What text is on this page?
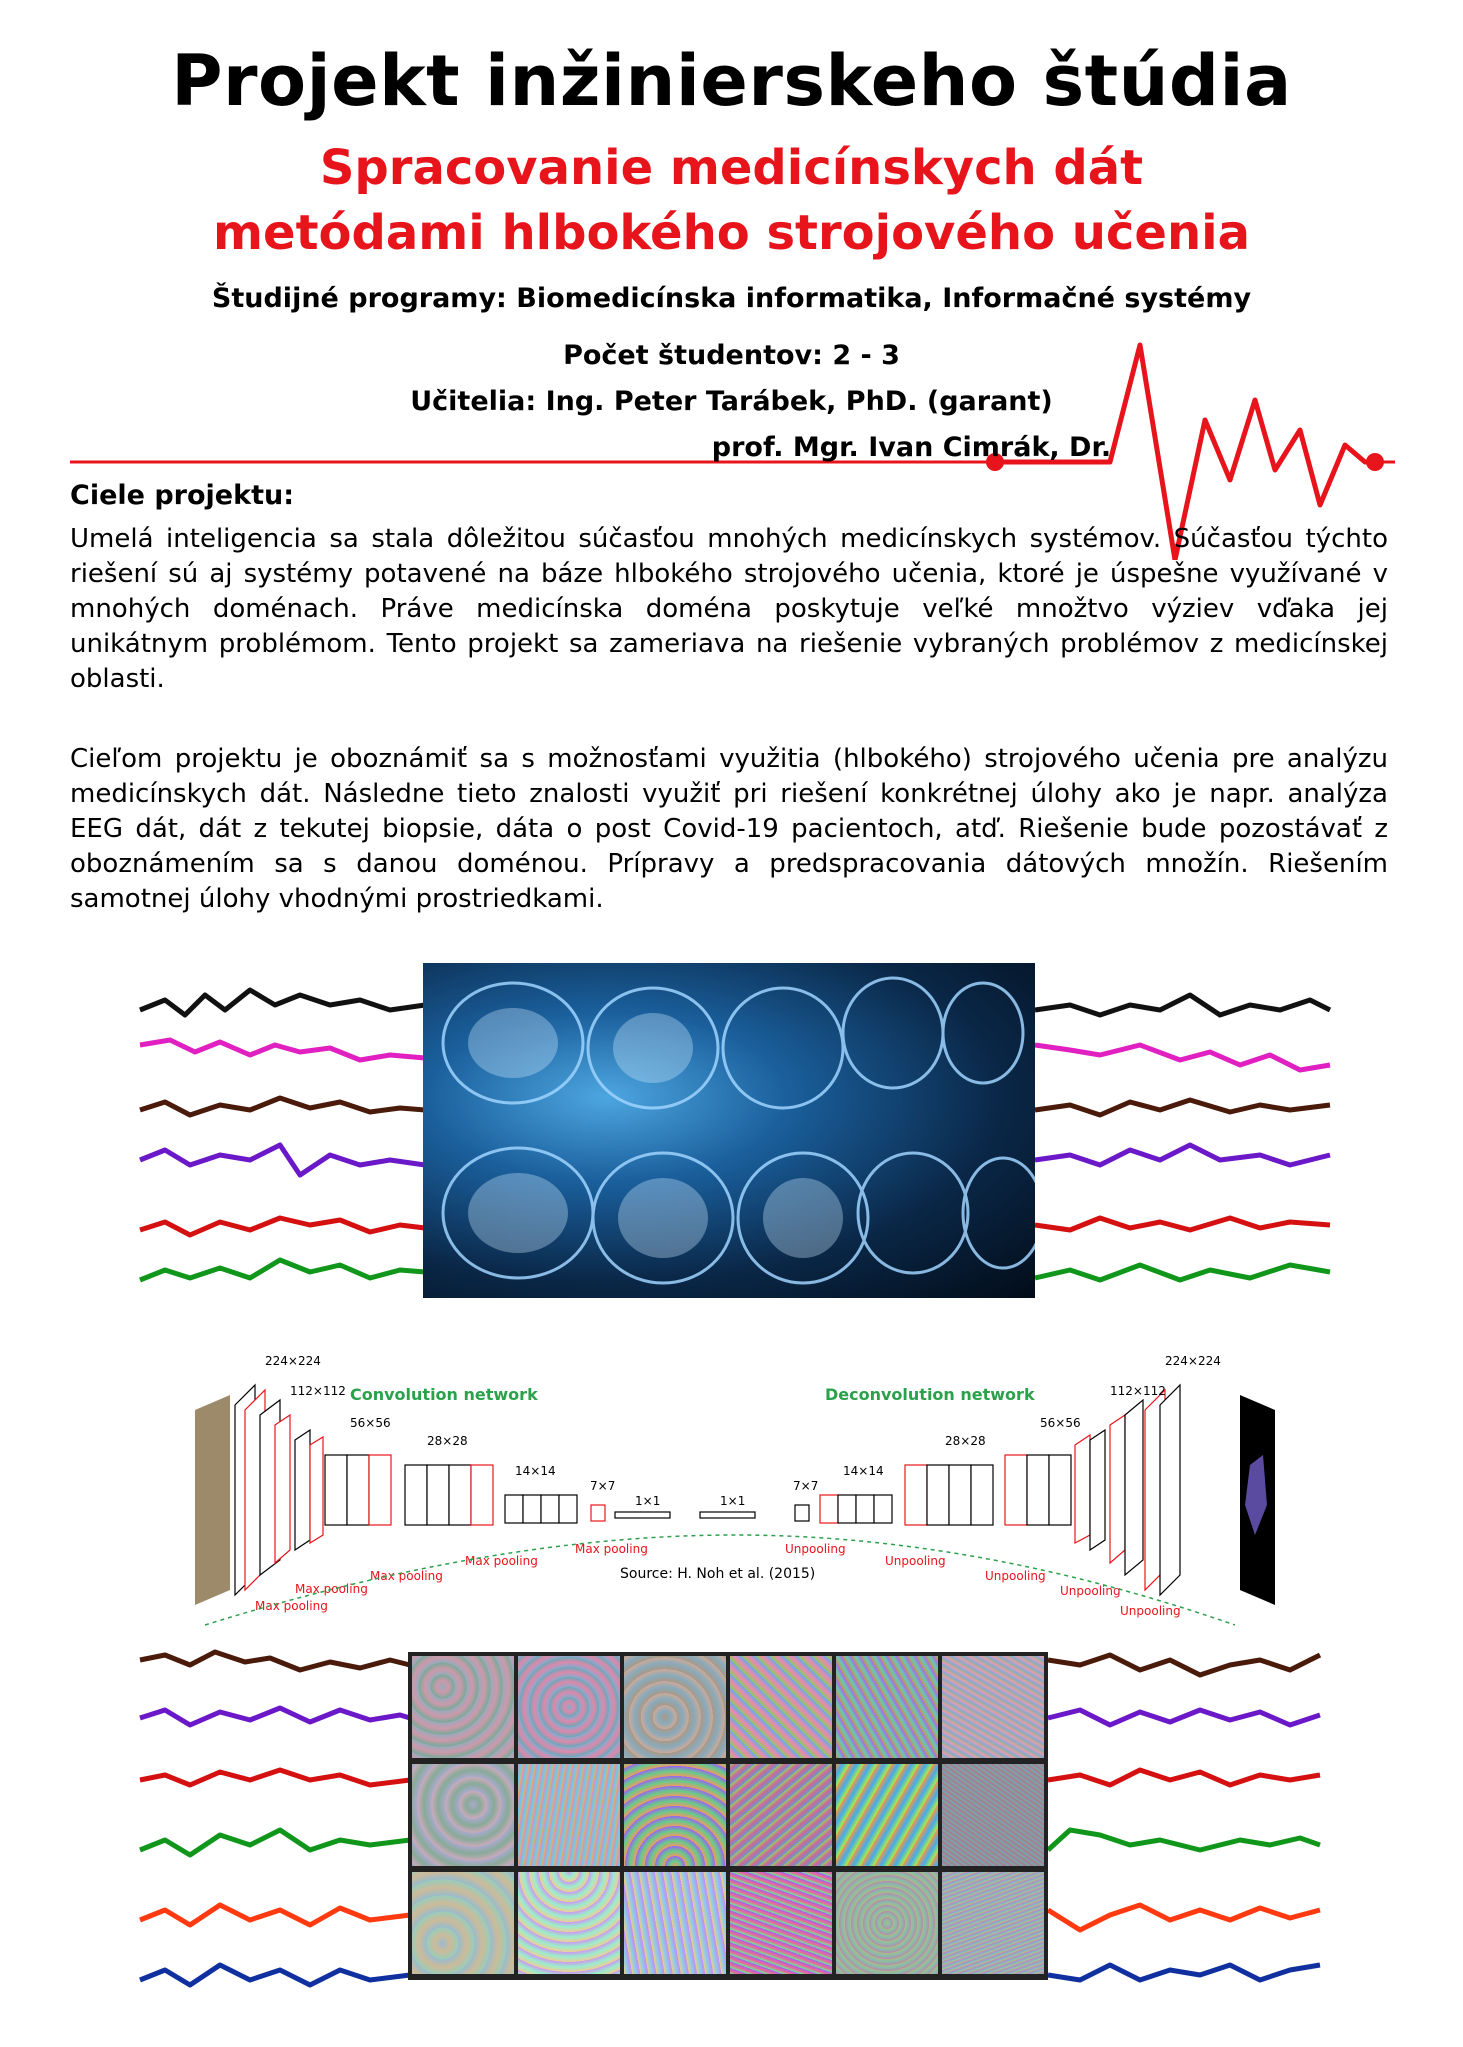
Projekt inžinierskeho štúdia
Spracovanie medicínskych dát
metódami hlbokého strojového učenia
Študijné programy: Biomedicínska informatika, Informačné systémy
Počet študentov: 2 - 3
Učitelia: Ing. Peter Tarábek, PhD. (garant)
prof. Mgr. Ivan Cimrák, Dr.
Ciele projektu:
Umelá inteligencia sa stala dôležitou súčasťou mnohých medicínskych systémov. Súčasťou týchto riešení sú aj systémy potavené na báze hlbokého strojového učenia, ktoré je úspešne využívané v mnohých doménach. Práve medicínska doména poskytuje veľké množtvo výziev vďaka jej unikátnym problémom. Tento projekt sa zameriava na riešenie vybraných problémov z medicínskej oblasti.
Cieľom projektu je oboznámiť sa s možnosťami využitia (hlbokého) strojového učenia pre analýzu medicínskych dát. Následne tieto znalosti využiť pri riešení konkrétnej úlohy ako je napr. analýza EEG dát, dát z tekutej biopsie, dáta o post Covid-19 pacientoch, atď. Riešenie bude pozostávať z oboznámením sa s danou doménou. Prípravy a predspracovania dátových množín. Riešením samotnej úlohy vhodnými prostriedkami.
Convolution network	Deconvolution network
224×224
112×112
56×56
28×28
14×14
7×7
1×1	1×1
7×7
14×14
28×28
56×56
112×112
224×224
Max pooling
Max pooling
Max pooling
Max pooling
Max pooling	Unpooling
Unpooling
Unpooling
Unpooling
Unpooling
Source: H. Noh et al. (2015)
